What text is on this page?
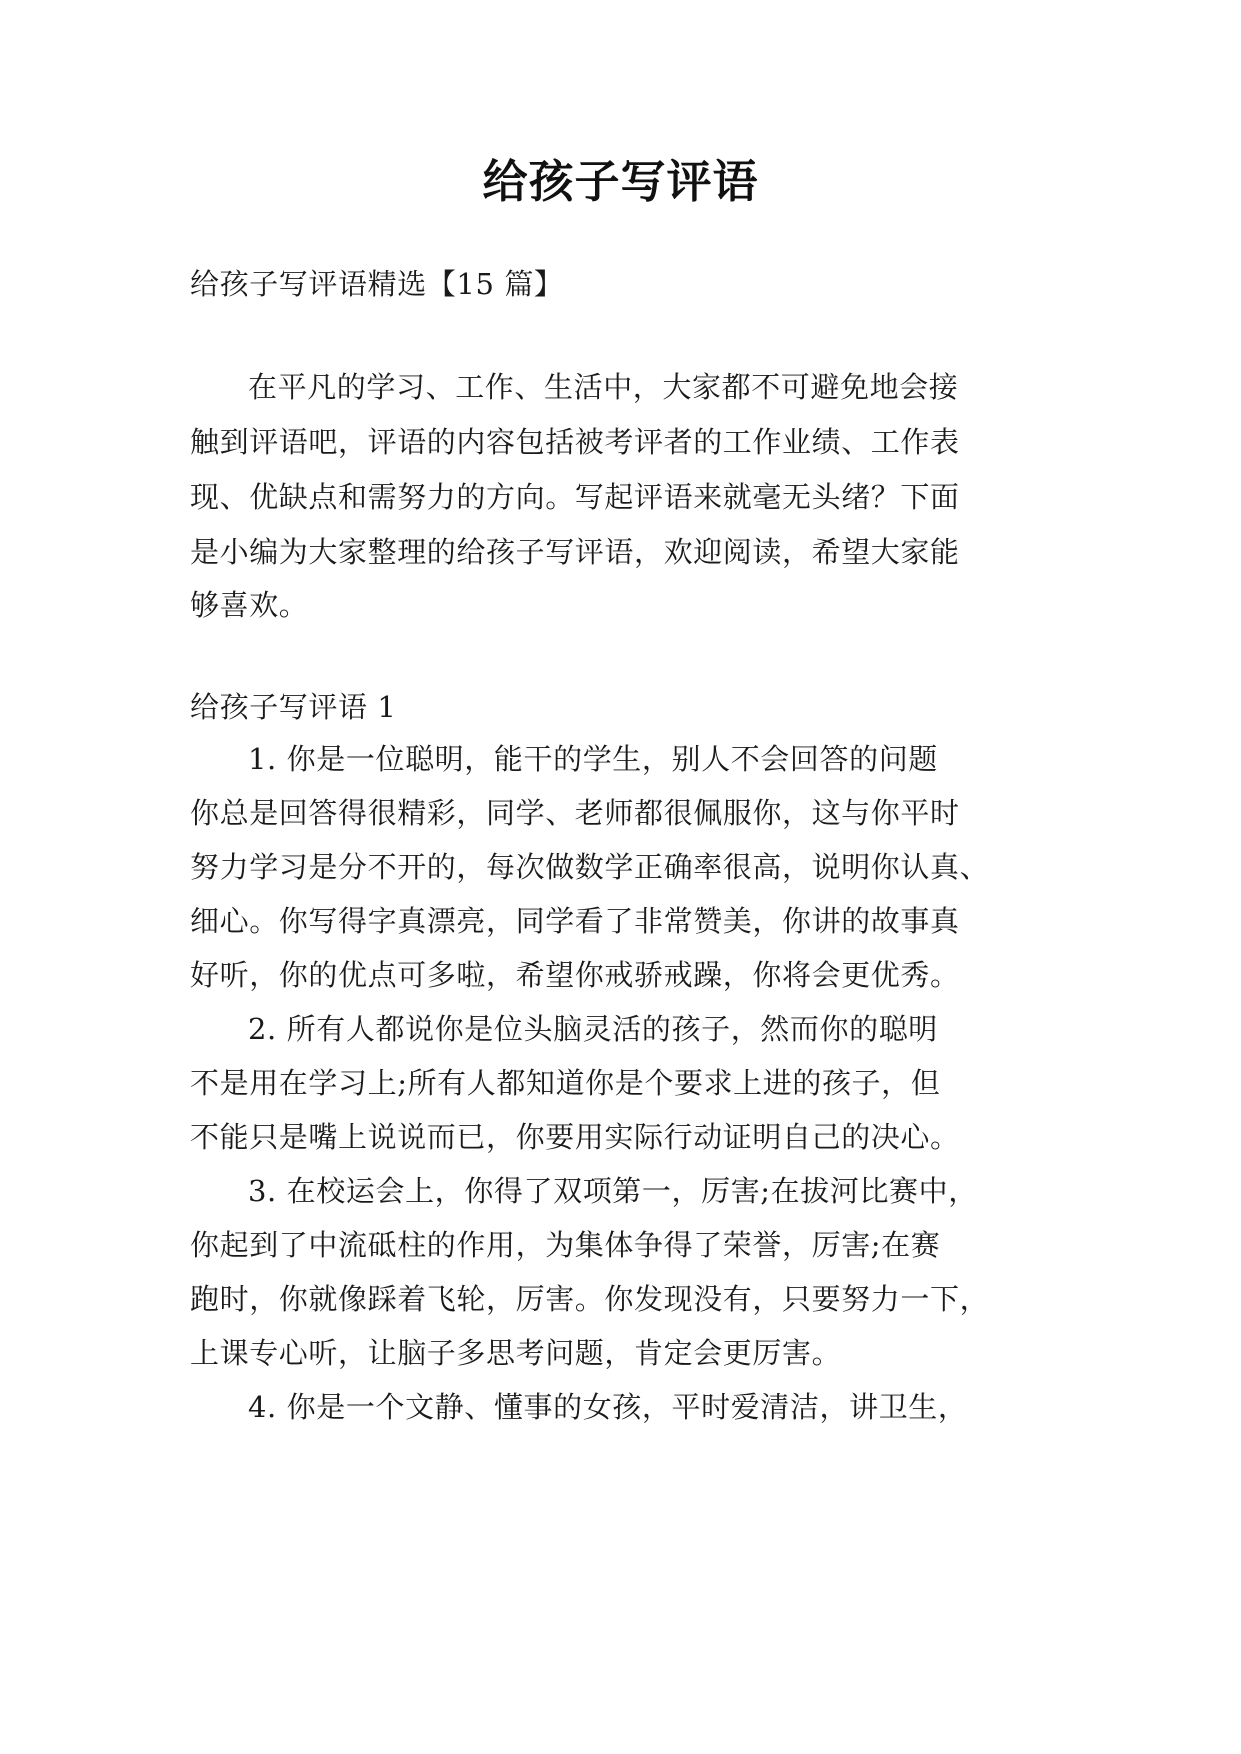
给孩子写评语
给孩子写评语精选【15 篇】
在平凡的学习、工作、生活中，大家都不可避免地会接
触到评语吧，评语的内容包括被考评者的工作业绩、工作表
现、优缺点和需努力的方向。写起评语来就毫无头绪？下面
是小编为大家整理的给孩子写评语，欢迎阅读，希望大家能
够喜欢。
给孩子写评语 1
1. 你是一位聪明，能干的学生，别人不会回答的问题
你总是回答得很精彩，同学、老师都很佩服你，这与你平时
努力学习是分不开的，每次做数学正确率很高，说明你认真、
细心。你写得字真漂亮，同学看了非常赞美，你讲的故事真
好听，你的优点可多啦，希望你戒骄戒躁，你将会更优秀。
2. 所有人都说你是位头脑灵活的孩子，然而你的聪明
不是用在学习上;所有人都知道你是个要求上进的孩子，但
不能只是嘴上说说而已，你要用实际行动证明自己的决心。
3. 在校运会上，你得了双项第一，厉害;在拔河比赛中，
你起到了中流砥柱的作用，为集体争得了荣誉，厉害;在赛
跑时，你就像踩着飞轮，厉害。你发现没有，只要努力一下，
上课专心听，让脑子多思考问题，肯定会更厉害。
4. 你是一个文静、懂事的女孩，平时爱清洁，讲卫生，
